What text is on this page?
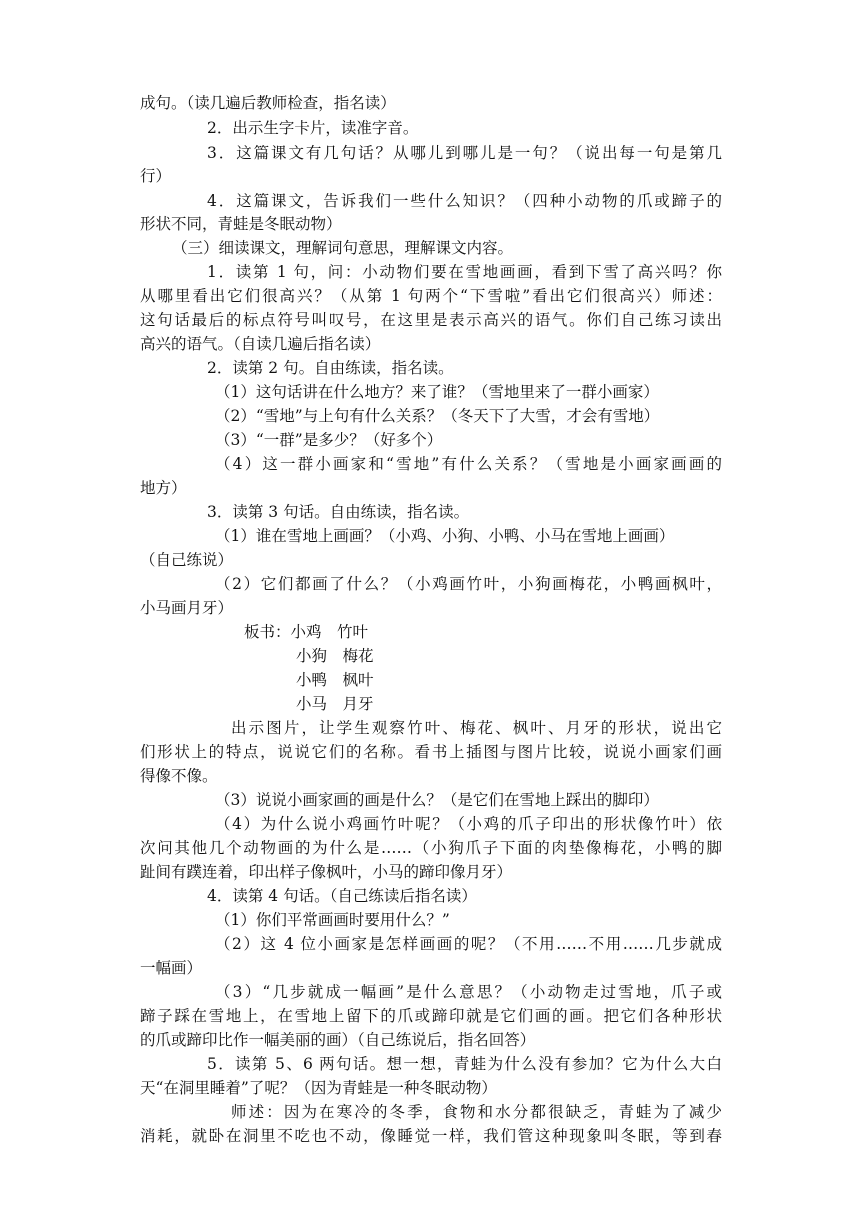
成句。（读几遍后教师检查，指名读）
2．出示生字卡片，读准字音。
3．这篇课文有几句话？从哪儿到哪儿是一句？（说出每一句是第几
行）
4．这篇课文，告诉我们一些什么知识？（四种小动物的爪或蹄子的
形状不同，青蛙是冬眠动物）
（三）细读课文，理解词句意思，理解课文内容。
1．读第 1 句，问：小动物们要在雪地画画，看到下雪了高兴吗？你
从哪里看出它们很高兴？（从第 1 句两个“下雪啦”看出它们很高兴）师述：
这句话最后的标点符号叫叹号，在这里是表示高兴的语气。你们自己练习读出
高兴的语气。（自读几遍后指名读）
2．读第 2 句。自由练读，指名读。
（1）这句话讲在什么地方？来了谁？（雪地里来了一群小画家）
（2）“雪地”与上句有什么关系？（冬天下了大雪，才会有雪地）
（3）“一群”是多少？（好多个）
（4）这一群小画家和“雪地”有什么关系？（雪地是小画家画画的
地方）
3．读第 3 句话。自由练读，指名读。
（1）谁在雪地上画画？（小鸡、小狗、小鸭、小马在雪地上画画）
（自己练说）
（2）它们都画了什么？（小鸡画竹叶，小狗画梅花，小鸭画枫叶，
小马画月牙）
板书：小鸡　竹叶
小狗　梅花
小鸭　枫叶
小马　月牙
出示图片，让学生观察竹叶、梅花、枫叶、月牙的形状，说出它
们形状上的特点，说说它们的名称。看书上插图与图片比较，说说小画家们画
得像不像。
（3）说说小画家画的画是什么？（是它们在雪地上踩出的脚印）
（4）为什么说小鸡画竹叶呢？（小鸡的爪子印出的形状像竹叶）依
次问其他几个动物画的为什么是……（小狗爪子下面的肉垫像梅花，小鸭的脚
趾间有蹼连着，印出样子像枫叶，小马的蹄印像月牙）
4．读第 4 句话。（自己练读后指名读）
（1）你们平常画画时要用什么？”
（2）这 4 位小画家是怎样画画的呢？（不用……不用……几步就成
一幅画）
（3）“几步就成一幅画”是什么意思？（小动物走过雪地，爪子或
蹄子踩在雪地上，在雪地上留下的爪或蹄印就是它们画的画。把它们各种形状
的爪或蹄印比作一幅美丽的画）（自己练说后，指名回答）
5．读第 5、6 两句话。想一想，青蛙为什么没有参加？它为什么大白
天“在洞里睡着”了呢？（因为青蛙是一种冬眠动物）
师述：因为在寒冷的冬季，食物和水分都很缺乏，青蛙为了减少
消耗，就卧在洞里不吃也不动，像睡觉一样，我们管这种现象叫冬眠，等到春
